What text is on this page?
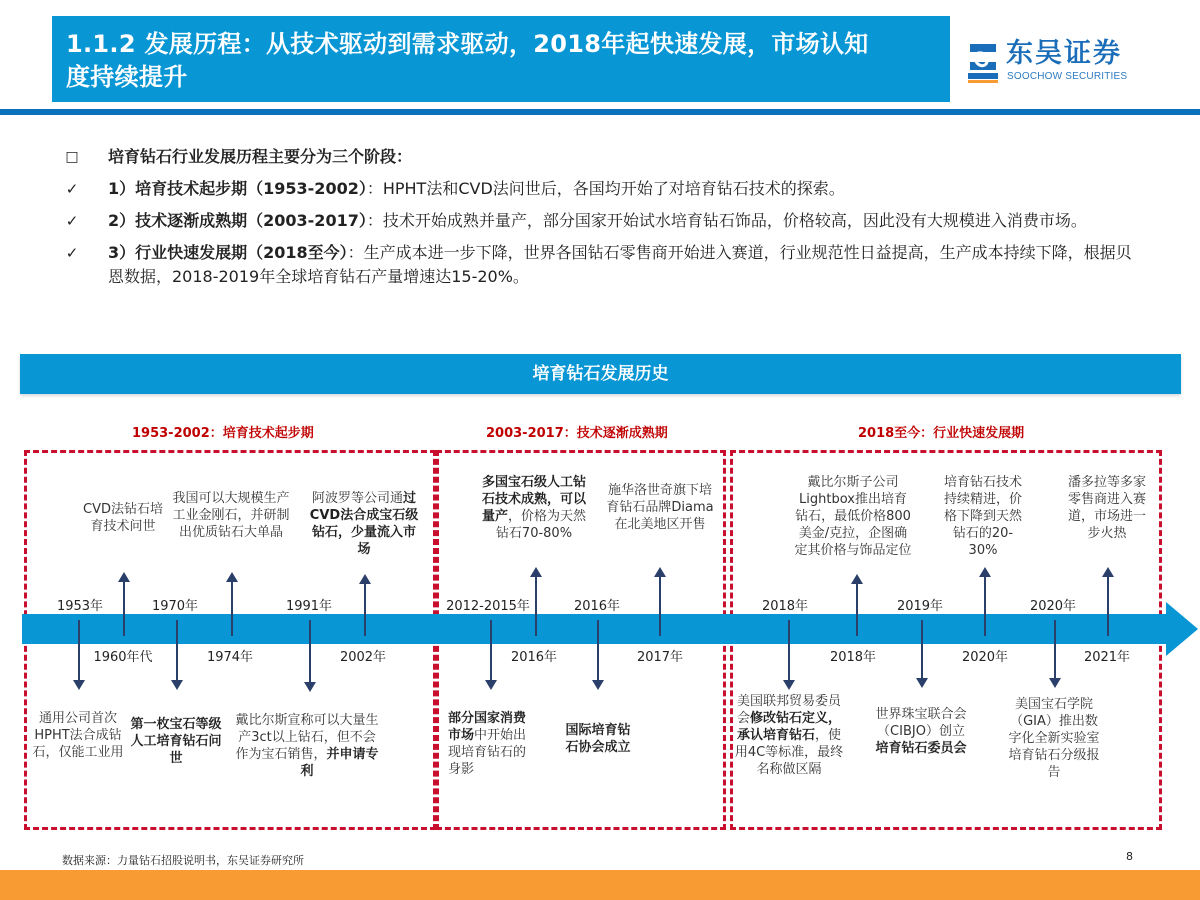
1.1.2 发展历程：从技术驱动到需求驱动，2018年起快速发展，市场认知
度持续提升
东吴证券
SOOCHOW SECURITIES
□ 培育钻石行业发展历程主要分为三个阶段：
✓ 1）培育技术起步期（1953-2002）：HPHT法和CVD法问世后，各国均开始了对培育钻石技术的探索。
✓ 2）技术逐渐成熟期（2003-2017）：技术开始成熟并量产，部分国家开始试水培育钻石饰品，价格较高，因此没有大规模进入消费市场。
✓ 3）行业快速发展期（2018至今）：生产成本进一步下降，世界各国钻石零售商开始进入赛道，行业规范性日益提高，生产成本持续下降，根据贝恩数据，2018-2019年全球培育钻石产量增速达15-20%。
培育钻石发展历史
1953-2002：培育技术起步期	2003-2017：技术逐渐成熟期	2018至今：行业快速发展期
1953年	1970年	1991年	2012-2015年	2016年	2018年	2019年	2020年
1960年代	1974年	2002年	2016年	2017年	2018年	2020年	2021年
CVD法钻石培育技术问世
我国可以大规模生产工业金刚石，并研制出优质钻石大单晶
阿波罗等公司通过CVD法合成宝石级钻石，少量流入市场
多国宝石级人工钻石技术成熟，可以量产，价格为天然钻石70-80%
施华洛世奇旗下培育钻石品牌Diama在北美地区开售
戴比尔斯子公司Lightbox推出培育钻石，最低价格800美金/克拉，企图确定其价格与饰品定位
培育钻石技术持续精进，价格下降到天然钻石的20-30%
潘多拉等多家零售商进入赛道，市场进一步火热
通用公司首次HPHT法合成钻石，仅能工业用
第一枚宝石等级人工培育钻石问世
戴比尔斯宣称可以大量生产3ct以上钻石，但不会作为宝石销售，并申请专利
部分国家消费市场中开始出现培育钻石的身影
国际培育钻石协会成立
美国联邦贸易委员会修改钻石定义，承认培育钻石，使用4C等标准，最终名称做区隔
世界珠宝联合会（CIBJO）创立培育钻石委员会
美国宝石学院（GIA）推出数字化全新实验室培育钻石分级报告
数据来源：力量钻石招股说明书，东吴证券研究所	8
